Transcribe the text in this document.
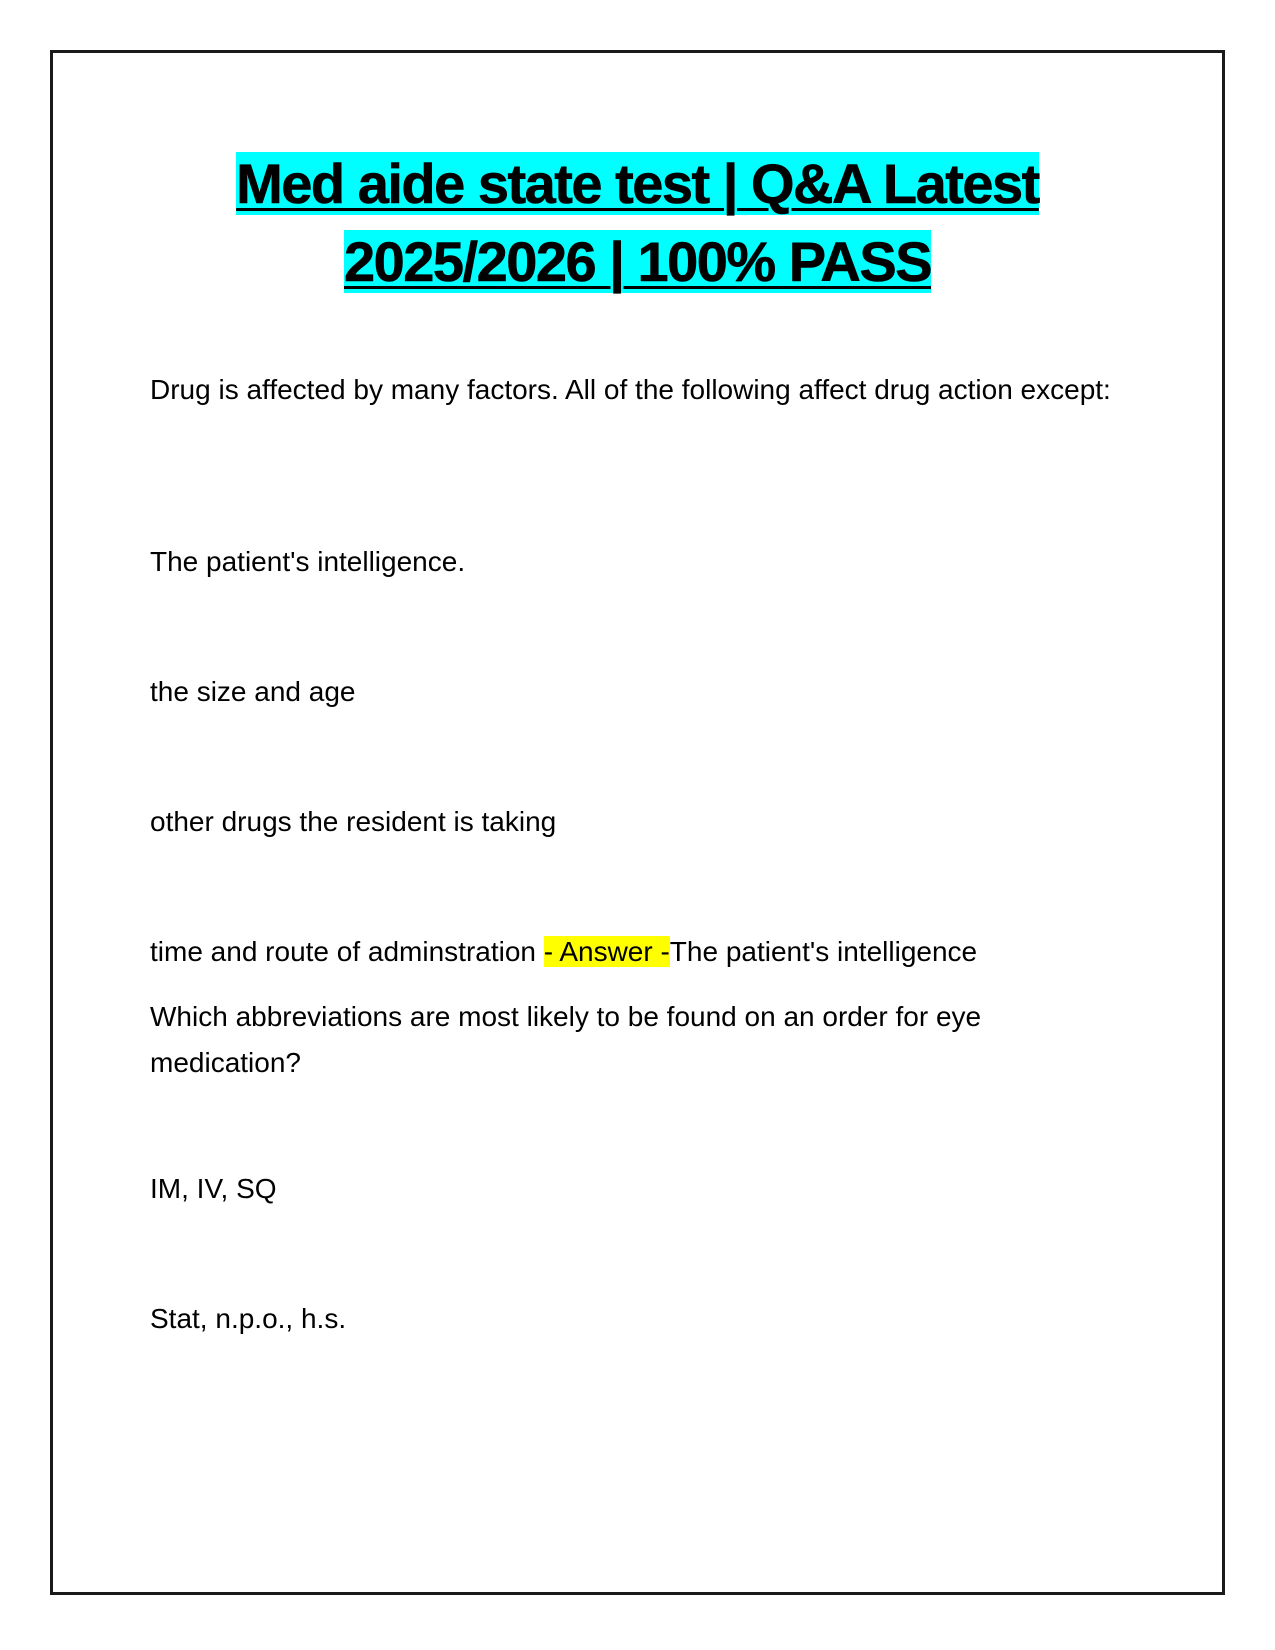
Med aide state test | Q&A Latest
2025/2026 | 100% PASS

Drug is affected by many factors. All of the following affect drug action except:

The patient's intelligence.

the size and age

other drugs the resident is taking

time and route of adminstration - Answer -The patient's intelligence

Which abbreviations are most likely to be found on an order for eye medication?

IM, IV, SQ

Stat, n.p.o., h.s.
